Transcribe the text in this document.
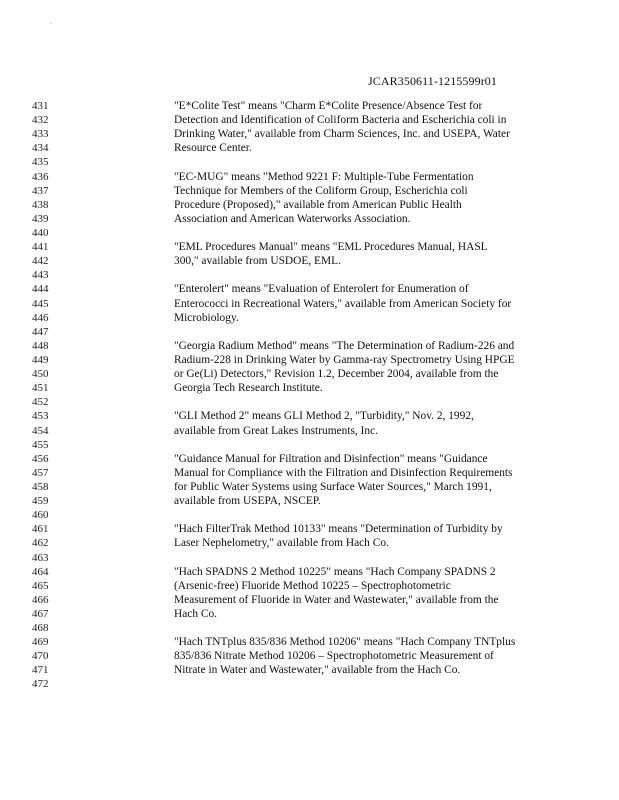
.
JCAR350611-1215599r01
431	"E*Colite Test" means "Charm E*Colite Presence/Absence Test for
432	Detection and Identification of Coliform Bacteria and Escherichia coli in
433	Drinking Water," available from Charm Sciences, Inc. and USEPA, Water
434	Resource Center.
435
436	"EC-MUG" means "Method 9221 F: Multiple-Tube Fermentation
437	Technique for Members of the Coliform Group, Escherichia coli
438	Procedure (Proposed)," available from American Public Health
439	Association and American Waterworks Association.
440
441	"EML Procedures Manual" means "EML Procedures Manual, HASL
442	300," available from USDOE, EML.
443
444	"Enterolert" means "Evaluation of Enterolert for Enumeration of
445	Enterococci in Recreational Waters," available from American Society for
446	Microbiology.
447
448	"Georgia Radium Method" means "The Determination of Radium-226 and
449	Radium-228 in Drinking Water by Gamma-ray Spectrometry Using HPGE
450	or Ge(Li) Detectors," Revision 1.2, December 2004, available from the
451	Georgia Tech Research Institute.
452
453	"GLI Method 2" means GLI Method 2, "Turbidity," Nov. 2, 1992,
454	available from Great Lakes Instruments, Inc.
455
456	"Guidance Manual for Filtration and Disinfection" means "Guidance
457	Manual for Compliance with the Filtration and Disinfection Requirements
458	for Public Water Systems using Surface Water Sources," March 1991,
459	available from USEPA, NSCEP.
460
461	"Hach FilterTrak Method 10133" means "Determination of Turbidity by
462	Laser Nephelometry," available from Hach Co.
463
464	"Hach SPADNS 2 Method 10225" means "Hach Company SPADNS 2
465	(Arsenic-free) Fluoride Method 10225 – Spectrophotometric
466	Measurement of Fluoride in Water and Wastewater," available from the
467	Hach Co.
468
469	"Hach TNTplus 835/836 Method 10206" means "Hach Company TNTplus
470	835/836 Nitrate Method 10206 – Spectrophotometric Measurement of
471	Nitrate in Water and Wastewater," available from the Hach Co.
472
